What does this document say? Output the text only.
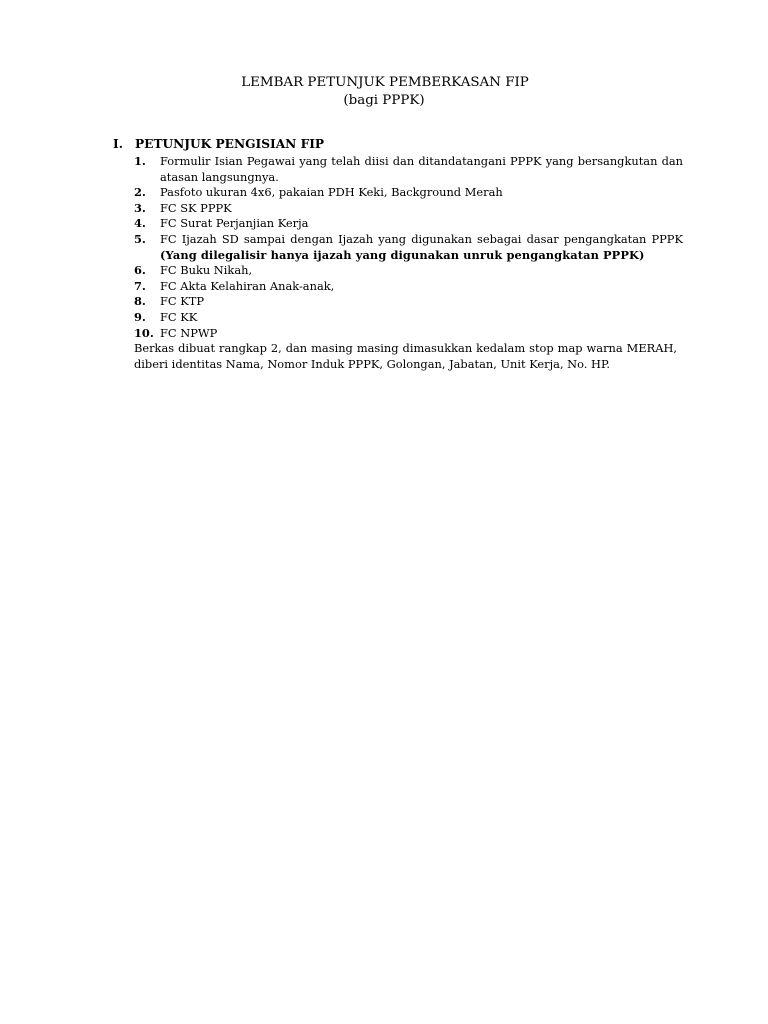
LEMBAR PETUNJUK PEMBERKASAN FIP
(bagi PPPK)
I. PETUNJUK PENGISIAN FIP
1.	Formulir Isian Pegawai yang telah diisi dan ditandatangani PPPK yang bersangkutan dan atasan langsungnya.
2.	Pasfoto ukuran 4x6, pakaian PDH Keki, Background Merah
3.	FC SK PPPK
4.	FC Surat Perjanjian Kerja
5.	FC Ijazah SD sampai dengan Ijazah yang digunakan sebagai dasar pengangkatan PPPK (Yang dilegalisir hanya ijazah yang digunakan unruk pengangkatan PPPK)
6.	FC Buku Nikah,
7.	FC Akta Kelahiran Anak-anak,
8.	FC KTP
9.	FC KK
10. FC NPWP
Berkas dibuat rangkap 2, dan masing masing dimasukkan kedalam stop map warna MERAH, diberi identitas Nama, Nomor Induk PPPK, Golongan, Jabatan, Unit Kerja, No. HP.
